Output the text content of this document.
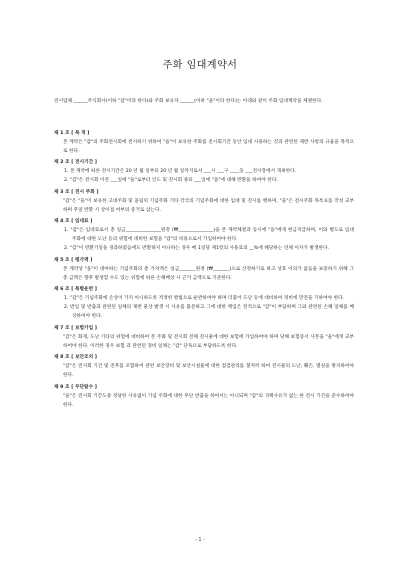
주화 임대계약서
전시업체 ______주식회사(이하 "갑"이라 한다)와 주화 보유자 ______(이하 "을"이라 한다)는 아래와 같이 주화 임대계약을 체결한다.
제 1 조 [ 목 적 ]
본 계약은 "갑"의 주화전시회에 전시하기 위하여 "을"이 보유한 주화를 전시회기간 동안 임대 사용하는 것과 관련된 제반 사항의 규율을 목적으로 한다.
제 2 조 [ 전시기간 ]
1. 본 계약에 따른 전시기간은 20 년 월 일부터 20 년 월 일까지로서 ___시 ___구 ____동 ___전시장에서 개최한다.
2. "갑"은 전시회 이전 ___일에 "을"로부터 인도 및 전시회 종료 ___일에 "을"에 대해 반환을 하여야 한다.
제 3 조 [ 전시 주화 ]
"갑"은 "을"이 보유한 고대주화 및 올림픽 기념주화 기타 각국의 기념주화에 대한 임대 및 전시를 행하며, "을"은 전시주화 목록표를 작성 교부하며 후일 반환 시 상이점 여부의 증거로 삼는다.
제 4 조 [ 임대료 ]
1. "갑"은 임대료로서 총 일금_______________원정 (₩_______________)을 본 계약체결과 동시에 "을"에게 현금지급하며, 이와 별도로 임대 주화에 대한 도난 등의 위험에 대비한 보험을 "갑"의 비용으로서 가입하여야 한다.
2. "갑"이 반환기일을 경과하였음에도 반환하지 아니하는 경우 매 1일당 제1항의 사용료의 __%에 해당하는 연체 이자가 발생한다.
제 5 조 [ 평가액 ]
본 계약상 "을"이 대여하는 기념주화의 총 가치액은 일금_______원정 (₩_______)으로 산정하기로 하고 상호 이의가 없음을 보증하기 위해 그 총 금액은 향후 발생할 수도 있는 위험에 따른 손해배상 시 근거 금액으로 기준한다.
제 6 조 [ 특별운반 ]
1. "갑"은 기념주화에 손상이 가지 아니하도록 적정한 방법으로 운반하여야 하며 더불어 도난 등에 대비하여 경비에 만전을 기하여야 한다.
2. 반입 및 반출과 관련된 일체의 제반 물상 발생 시 사유를 불문하고 그에 대한 책임은 전적으로 "갑"이 부담하며 그와 관련된 손해 일체를 배상하여야 한다.
제 7 조 [ 보험가입 ]
"갑"은 화재, 도난 기타의 위험에 대비하여 본 주화 및 전시회 전체 전시물에 대한 보험에 가입하여야 하며 당해 보험증서 사본을 "을"에게 교부하여야 한다. 이러한 경우 보험 과 관련된 경비 일체는 "갑" 단독으로 부담하도록 한다.
제 8 조 [ 보안조치 ]
"갑"은 전시회 기간 및 전후를 포함하여 관련 보안장비 및 보안시설물에 대한 점검관리를 철저히 하여 전시물의 도난, 훼손, 멸실을 방지하여야 한다.
제 9 조 [ 무단탈수 ]
"을"은 전시회 기간도중 정당한 사유없이 기념 주화에 대한 무단 반출을 하여서는 아니되며 "갑"의 귀책사유가 없는 한 전시 기간을 준수하여야 한다.
- 1 -
